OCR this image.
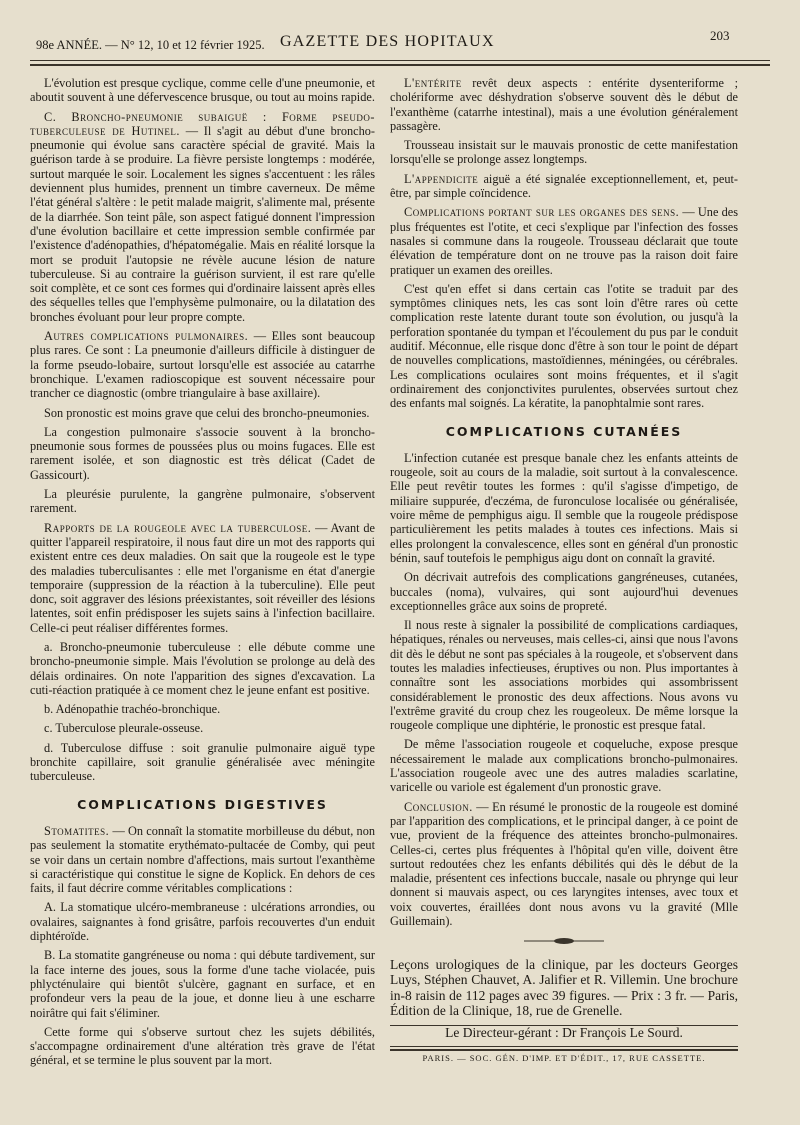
98e ANNÉE. — N° 12, 10 et 12 février 1925. GAZETTE DES HOPITAUX	203

L'évolution est presque cyclique, comme celle d'une pneumonie, et aboutit souvent à une défervescence brusque, ou tout au moins rapide.

C. Broncho-pneumonie subaiguë : Forme pseudo-tuberculeuse de Hutinel. — Il s'agit au début d'une broncho-pneumonie qui évolue sans caractère spécial de gravité. Mais la guérison tarde à se produire. La fièvre persiste longtemps : modérée, surtout marquée le soir. Localement les signes s'accentuent : les râles deviennent plus humides, prennent un timbre caverneux. De même l'état général s'altère : le petit malade maigrit, s'alimente mal, présente de la diarrhée. Son teint pâle, son aspect fatigué donnent l'impression d'une évolution bacillaire et cette impression semble confirmée par l'existence d'adénopathies, d'hépatomégalie. Mais en réalité lorsque la mort se produit l'autopsie ne révèle aucune lésion de nature tuberculeuse. Si au contraire la guérison survient, il est rare qu'elle soit complète, et ce sont ces formes qui d'ordinaire laissent après elles des séquelles telles que l'emphysème pulmonaire, ou la dilatation des bronches évoluant pour leur propre compte.

Autres complications pulmonaires. — Elles sont beaucoup plus rares. Ce sont : La pneumonie d'ailleurs difficile à distinguer de la forme pseudo-lobaire, surtout lorsqu'elle est associée au catarrhe bronchique. L'examen radioscopique est souvent nécessaire pour trancher ce diagnostic (ombre triangulaire à base axillaire).

Son pronostic est moins grave que celui des broncho-pneumonies.

La congestion pulmonaire s'associe souvent à la broncho-pneumonie sous formes de poussées plus ou moins fugaces. Elle est rarement isolée, et son diagnostic est très délicat (Cadet de Gassicourt).

La pleurésie purulente, la gangrène pulmonaire, s'observent rarement.

Rapports de la rougeole avec la tuberculose. — Avant de quitter l'appareil respiratoire, il nous faut dire un mot des rapports qui existent entre ces deux maladies. On sait que la rougeole est le type des maladies tuberculisantes : elle met l'organisme en état d'anergie temporaire (suppression de la réaction à la tuberculine). Elle peut donc, soit aggraver des lésions préexistantes, soit réveiller des lésions latentes, soit enfin prédisposer les sujets sains à l'infection bacillaire. Celle-ci peut réaliser différentes formes.

a. Broncho-pneumonie tuberculeuse : elle débute comme une broncho-pneumonie simple. Mais l'évolution se prolonge au delà des délais ordinaires. On note l'apparition des signes d'excavation. La cuti-réaction pratiquée à ce moment chez le jeune enfant est positive.

b. Adénopathie trachéo-bronchique.

c. Tuberculose pleurale-osseuse.

d. Tuberculose diffuse : soit granulie pulmonaire aiguë type bronchite capillaire, soit granulie généralisée avec méningite tuberculeuse.

COMPLICATIONS DIGESTIVES

Stomatites. — On connaît la stomatite morbilleuse du début, non pas seulement la stomatite erythémato-pultacée de Comby, qui peut se voir dans un certain nombre d'affections, mais surtout l'exanthème si caractéristique qui constitue le signe de Koplick. En dehors de ces faits, il faut décrire comme véritables complications :

A. La stomatique ulcéro-membraneuse : ulcérations arrondies, ou ovalaires, saignantes à fond grisâtre, parfois recouvertes d'un enduit diphtéroïde.

B. La stomatite gangréneuse ou noma : qui débute tardivement, sur la face interne des joues, sous la forme d'une tache violacée, puis phlycténulaire qui bientôt s'ulcère, gagnant en surface, et en profondeur vers la peau de la joue, et donne lieu à une escharre noirâtre qui fait s'éliminer.

Cette forme qui s'observe surtout chez les sujets débilités, s'accompagne ordinairement d'une altération très grave de l'état général, et se termine le plus souvent par la mort.

L'entérite revêt deux aspects : entérite dysenteriforme ; cholériforme avec déshydration s'observe souvent dès le début de l'exanthème (catarrhe intestinal), mais a une évolution généralement passagère.

Trousseau insistait sur le mauvais pronostic de cette manifestation lorsqu'elle se prolonge assez longtemps.

L'appendicite aiguë a été signalée exceptionnellement, et, peut-être, par simple coïncidence.

Complications portant sur les organes des sens. — Une des plus fréquentes est l'otite, et ceci s'explique par l'infection des fosses nasales si commune dans la rougeole. Trousseau déclarait que toute élévation de température dont on ne trouve pas la raison doit faire pratiquer un examen des oreilles.

C'est qu'en effet si dans certain cas l'otite se traduit par des symptômes cliniques nets, les cas sont loin d'être rares où cette complication reste latente durant toute son évolution, ou jusqu'à la perforation spontanée du tympan et l'écoulement du pus par le conduit auditif. Méconnue, elle risque donc d'être à son tour le point de départ de nouvelles complications, mastoïdiennes, méningées, ou cérébrales. Les complications oculaires sont moins fréquentes, et il s'agit ordinairement des conjonctivites purulentes, observées surtout chez des enfants mal soignés. La kératite, la panophtalmie sont rares.

COMPLICATIONS CUTANÉES

L'infection cutanée est presque banale chez les enfants atteints de rougeole, soit au cours de la maladie, soit surtout à la convalescence. Elle peut revêtir toutes les formes : qu'il s'agisse d'impetigo, de miliaire suppurée, d'eczéma, de furonculose localisée ou généralisée, voire même de pemphigus aigu. Il semble que la rougeole prédispose particulièrement les petits malades à toutes ces infections. Mais si elles prolongent la convalescence, elles sont en général d'un pronostic bénin, sauf toutefois le pemphigus aigu dont on connaît la gravité.

On décrivait autrefois des complications gangréneuses, cutanées, buccales (noma), vulvaires, qui sont aujourd'hui devenues exceptionnelles grâce aux soins de propreté.

Il nous reste à signaler la possibilité de complications cardiaques, hépatiques, rénales ou nerveuses, mais celles-ci, ainsi que nous l'avons dit dès le début ne sont pas spéciales à la rougeole, et s'observent dans toutes les maladies infectieuses, éruptives ou non. Plus importantes à connaître sont les associations morbides qui assombrissent considérablement le pronostic des deux affections. Nous avons vu l'extrême gravité du croup chez les rougeoleux. De même lorsque la rougeole complique une diphtérie, le pronostic est presque fatal.

De même l'association rougeole et coqueluche, expose presque nécessairement le malade aux complications broncho-pulmonaires. L'association rougeole avec une des autres maladies scarlatine, varicelle ou variole est également d'un pronostic grave.

Conclusion. — En résumé le pronostic de la rougeole est dominé par l'apparition des complications, et le principal danger, à ce point de vue, provient de la fréquence des atteintes broncho-pulmonaires. Celles-ci, certes plus fréquentes à l'hôpital qu'en ville, doivent être surtout redoutées chez les enfants débilités qui dès le début de la maladie, présentent ces infections buccale, nasale ou phrynge qui leur donnent si mauvais aspect, ou ces laryngites intenses, avec toux et voix couvertes, éraillées dont nous avons vu la gravité (Mlle Guillemain).

Leçons urologiques de la clinique, par les docteurs Georges Luys, Stéphen Chauvet, A. Jalifier et R. Villemin. Une brochure in-8 raisin de 112 pages avec 39 figures. — Prix : 3 fr. — Paris, Édition de la Clinique, 18, rue de Grenelle.

Le Directeur-gérant : Dr François Le Sourd.

PARIS. — SOC. GÉN. D'IMP. ET D'ÉDIT., 17, RUE CASSETTE.
